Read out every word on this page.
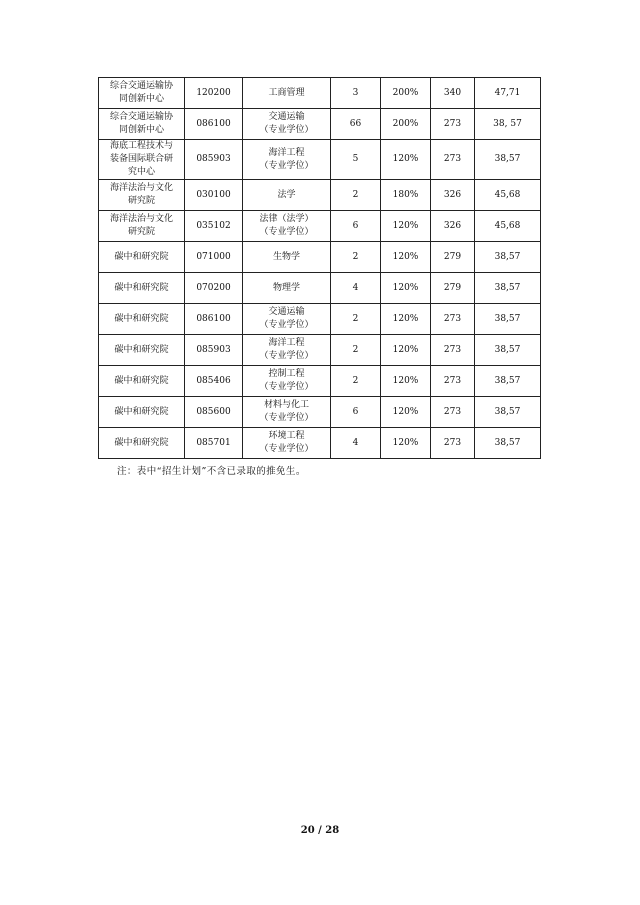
综合交通运输协
同创新中心	120200	工商管理	3	200%	340	47,71
综合交通运输协
同创新中心	086100	交通运输
（专业学位）	66	200%	273	38, 57
海底工程技术与
装备国际联合研
究中心	085903	海洋工程
（专业学位）	5	120%	273	38,57
海洋法治与文化
研究院	030100	法学	2	180%	326	45,68
海洋法治与文化
研究院	035102	法律（法学）
（专业学位）	6	120%	326	45,68
碳中和研究院	071000	生物学	2	120%	279	38,57
碳中和研究院	070200	物理学	4	120%	279	38,57
碳中和研究院	086100	交通运输
（专业学位）	2	120%	273	38,57
碳中和研究院	085903	海洋工程
（专业学位）	2	120%	273	38,57
碳中和研究院	085406	控制工程
（专业学位）	2	120%	273	38,57
碳中和研究院	085600	材料与化工
（专业学位）	6	120%	273	38,57
碳中和研究院	085701	环境工程
（专业学位）	4	120%	273	38,57
注：表中“招生计划”不含已录取的推免生。
20 / 28
